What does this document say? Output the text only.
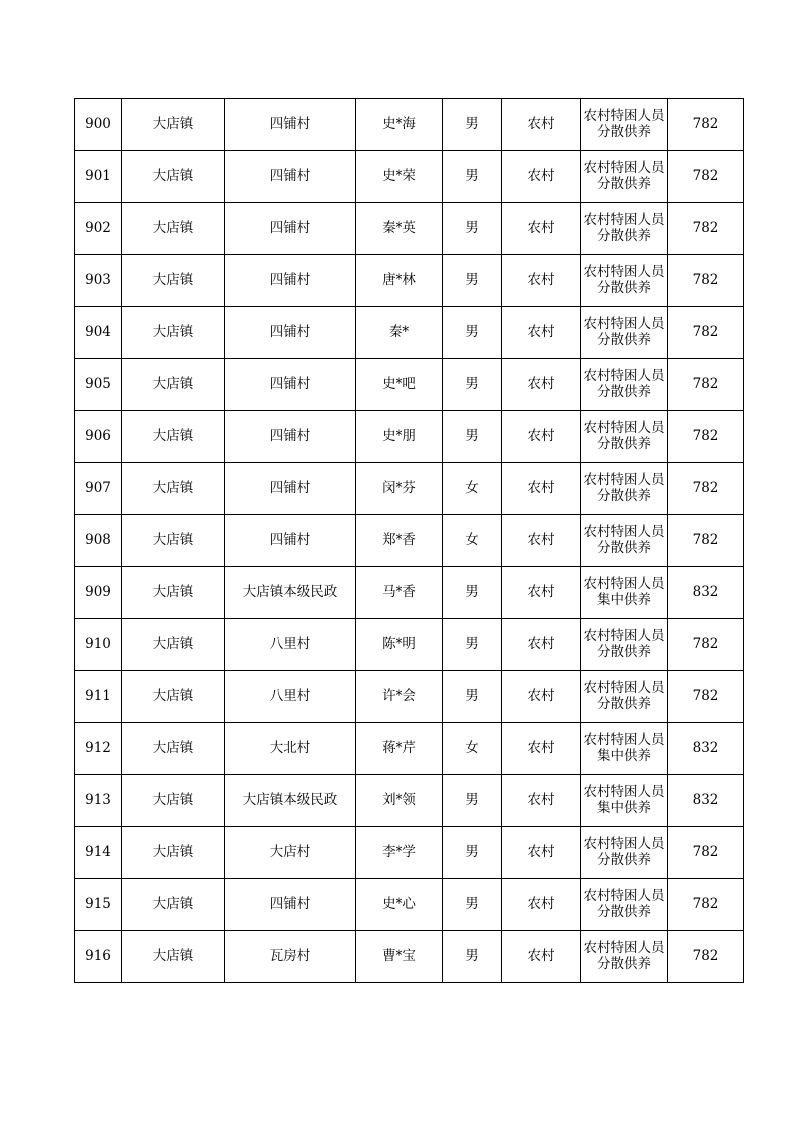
900	大店镇	四铺村	史*海	男	农村	农村特困人员分散供养	782
901	大店镇	四铺村	史*荣	男	农村	农村特困人员分散供养	782
902	大店镇	四铺村	秦*英	男	农村	农村特困人员分散供养	782
903	大店镇	四铺村	唐*林	男	农村	农村特困人员分散供养	782
904	大店镇	四铺村	秦*	男	农村	农村特困人员分散供养	782
905	大店镇	四铺村	史*吧	男	农村	农村特困人员分散供养	782
906	大店镇	四铺村	史*朋	男	农村	农村特困人员分散供养	782
907	大店镇	四铺村	闵*芬	女	农村	农村特困人员分散供养	782
908	大店镇	四铺村	郑*香	女	农村	农村特困人员分散供养	782
909	大店镇	大店镇本级民政	马*香	男	农村	农村特困人员集中供养	832
910	大店镇	八里村	陈*明	男	农村	农村特困人员分散供养	782
911	大店镇	八里村	许*会	男	农村	农村特困人员分散供养	782
912	大店镇	大北村	蒋*芹	女	农村	农村特困人员集中供养	832
913	大店镇	大店镇本级民政	刘*领	男	农村	农村特困人员集中供养	832
914	大店镇	大店村	李*学	男	农村	农村特困人员分散供养	782
915	大店镇	四铺村	史*心	男	农村	农村特困人员分散供养	782
916	大店镇	瓦房村	曹*宝	男	农村	农村特困人员分散供养	782
